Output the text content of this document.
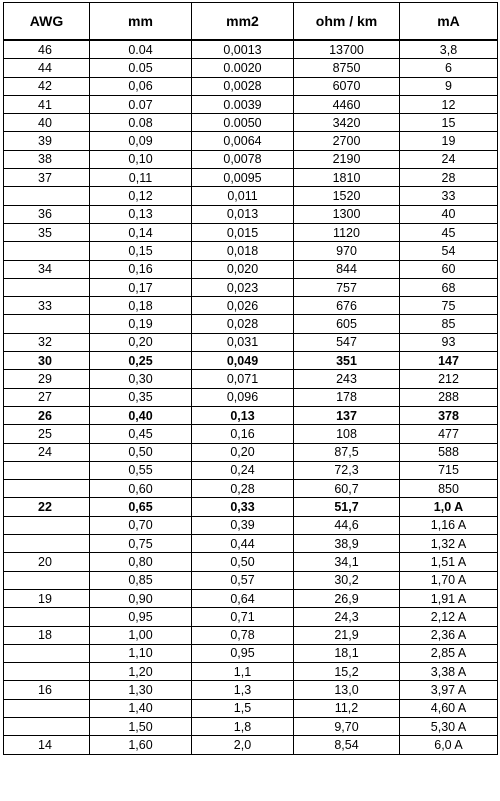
AWG	mm	mm2	ohm / km	mA
46	0.04	0,0013	13700	3,8
44	0.05	0.0020	8750	6
42	0,06	0,0028	6070	9
41	0.07	0.0039	4460	12
40	0.08	0.0050	3420	15
39	0,09	0,0064	2700	19
38	0,10	0,0078	2190	24
37	0,11	0,0095	1810	28
	0,12	0,011	1520	33
36	0,13	0,013	1300	40
35	0,14	0,015	1120	45
	0,15	0,018	970	54
34	0,16	0,020	844	60
	0,17	0,023	757	68
33	0,18	0,026	676	75
	0,19	0,028	605	85
32	0,20	0,031	547	93
30	0,25	0,049	351	147
29	0,30	0,071	243	212
27	0,35	0,096	178	288
26	0,40	0,13	137	378
25	0,45	0,16	108	477
24	0,50	0,20	87,5	588
	0,55	0,24	72,3	715
	0,60	0,28	60,7	850
22	0,65	0,33	51,7	1,0 A
	0,70	0,39	44,6	1,16 A
	0,75	0,44	38,9	1,32 A
20	0,80	0,50	34,1	1,51 A
	0,85	0,57	30,2	1,70 A
19	0,90	0,64	26,9	1,91 A
	0,95	0,71	24,3	2,12 A
18	1,00	0,78	21,9	2,36 A
	1,10	0,95	18,1	2,85 A
	1,20	1,1	15,2	3,38 A
16	1,30	1,3	13,0	3,97 A
	1,40	1,5	11,2	4,60 A
	1,50	1,8	9,70	5,30 A
14	1,60	2,0	8,54	6,0 A
